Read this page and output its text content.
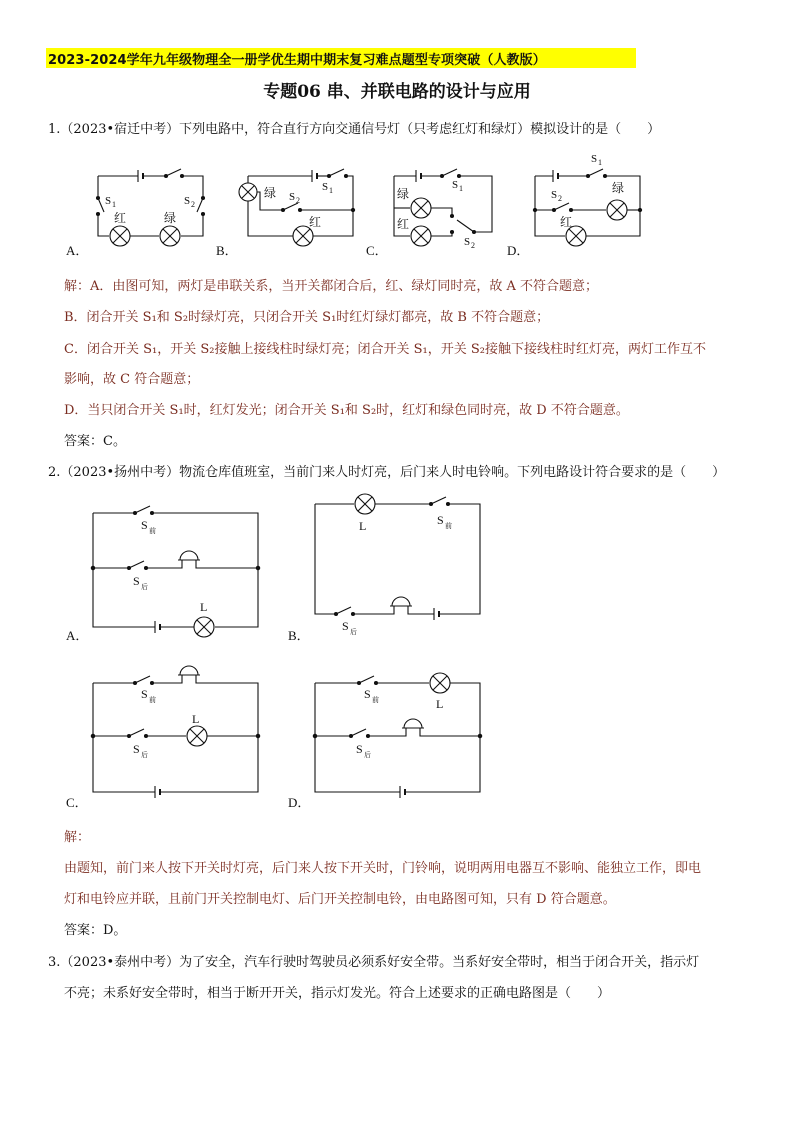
2023-2024学年九年级物理全一册学优生期中期末复习难点题型专项突破（人教版）
专题06 串、并联电路的设计与应用
1.（2023•宿迁中考）下列电路中，符合直行方向交通信号灯（只考虑红灯和绿灯）模拟设计的是（　　）
S 1	S 2
红	绿
绿 S 2
S 1
红
绿
红
S 1
S 2
S 1
S 2
绿
红
A．	B．	C．	D．
解：A．由图可知，两灯是串联关系，当开关都闭合后，红、绿灯同时亮，故 A 不符合题意；
B．闭合开关 S₁和 S₂时绿灯亮，只闭合开关 S₁时红灯绿灯都亮，故 B 不符合题意；
C．闭合开关 S₁，开关 S₂接触上接线柱时绿灯亮；闭合开关 S₁，开关 S₂接触下接线柱时红灯亮，两灯工作互不
影响，故 C 符合题意；
D．当只闭合开关 S₁时，红灯发光；闭合开关 S₁和 S₂时，红灯和绿色同时亮，故 D 不符合题意。
答案：C。
2.（2023•扬州中考）物流仓库值班室，当前门来人时灯亮，后门来人时电铃响。下列电路设计符合要求的是（　　）
S 前
S 后
L
L	S 前
S 后
S 前
S 后
L
S 前	L
S 后
A．	B．
C．	D．
解：
由题知，前门来人按下开关时灯亮，后门来人按下开关时，门铃响，说明两用电器互不影响、能独立工作，即电
灯和电铃应并联，且前门开关控制电灯、后门开关控制电铃，由电路图可知，只有 D 符合题意。
答案：D。
3.（2023•泰州中考）为了安全，汽车行驶时驾驶员必须系好安全带。当系好安全带时，相当于闭合开关，指示灯
不亮；未系好安全带时，相当于断开开关，指示灯发光。符合上述要求的正确电路图是（　　）
